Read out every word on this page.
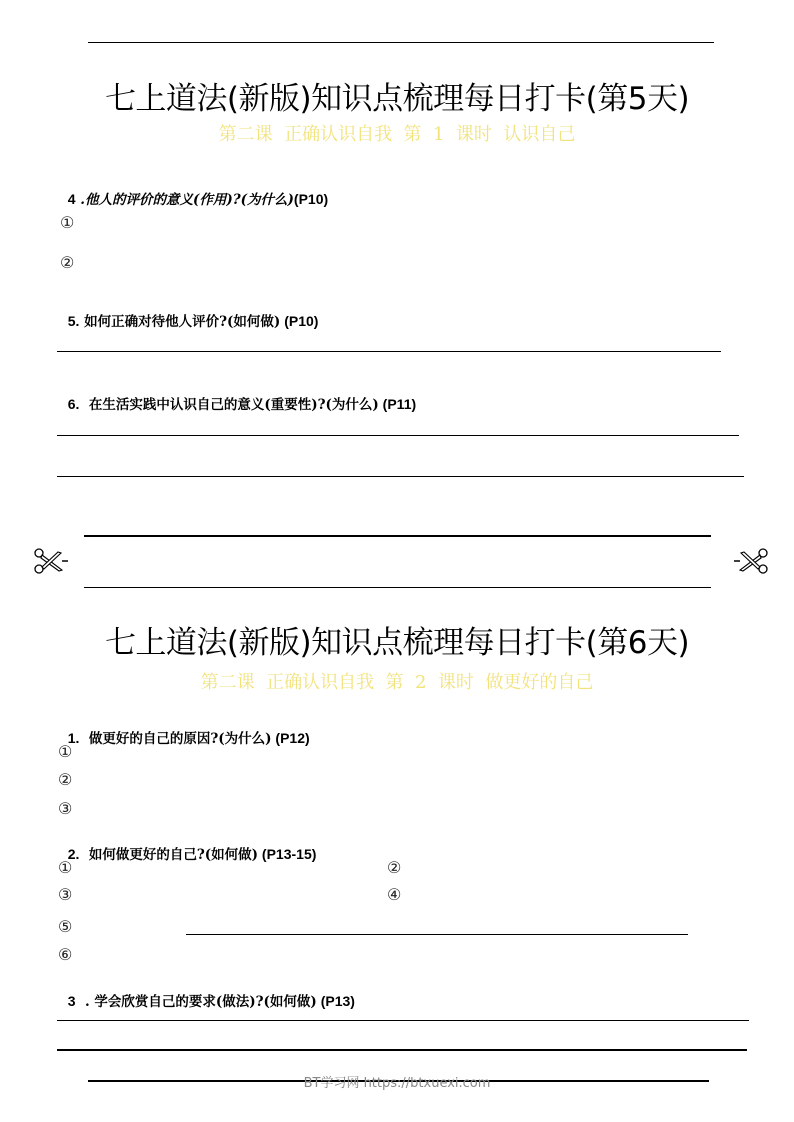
七上道法(新版)知识点梳理每日打卡(第5天)
第二课  正确认识自我  第  1  课时  认识自己

4 .他人的评价的意义(作用)?(为什么)(P10)

①
②

5. 如何正确对待他人评价?(如何做) (P10)

6.  在生活实践中认识自己的意义(重要性)?(为什么) (P11)

七上道法(新版)知识点梳理每日打卡(第6天)
第二课  正确认识自我  第  2  课时  做更好的自己

1.  做更好的自己的原因?(为什么) (P12)

①
②
③

2.  如何做更好的自己?(如何做) (P13-15)

①	②
③	④
⑤
⑥

3  . 学会欣赏自己的要求(做法)?(如何做) (P13)

BT学习网 https://btxuexi.com
